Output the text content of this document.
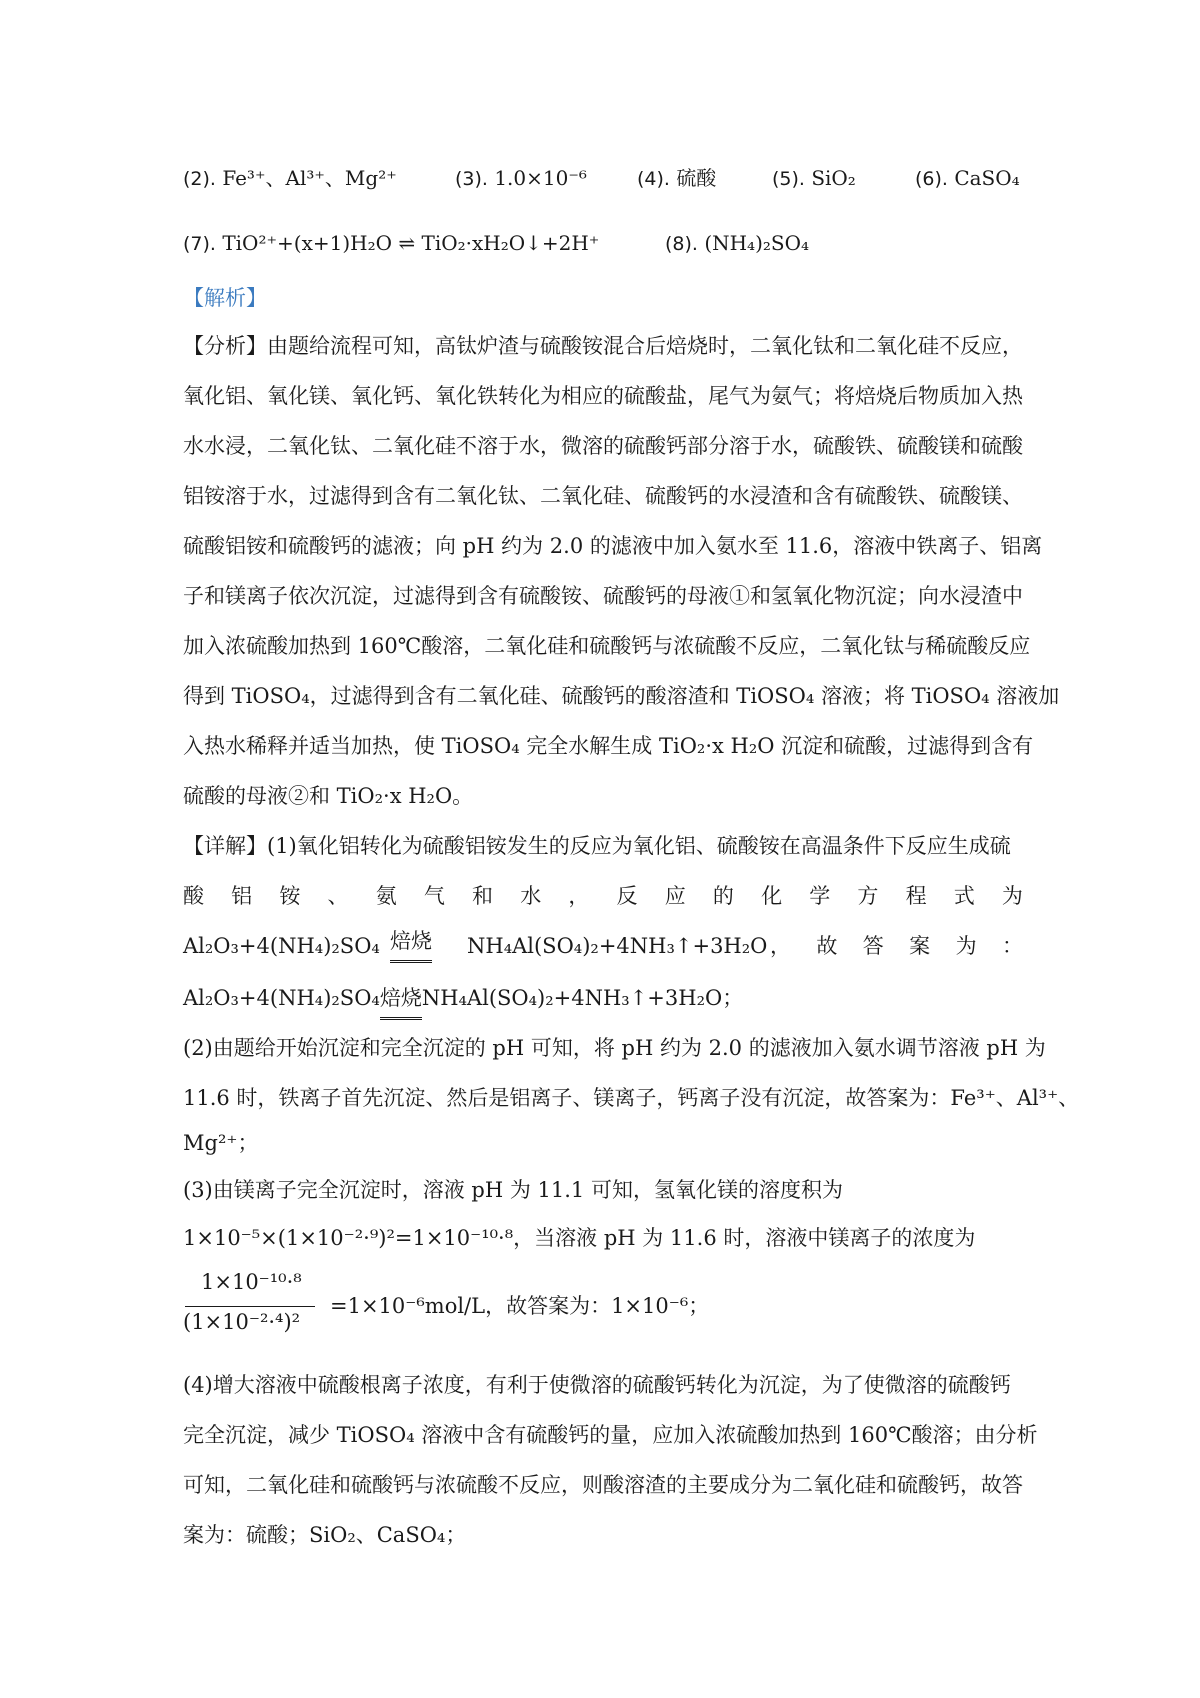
(2). Fe³⁺、Al³⁺、Mg²⁺	(3). 1.0×10⁻⁶	(4). 硫酸	(5). SiO₂	(6). CaSO₄
(7). TiO²⁺+(x+1)H₂O ⇌ TiO₂·xH₂O↓+2H⁺	(8). (NH₄)₂SO₄
【解析】
【分析】由题给流程可知，高钛炉渣与硫酸铵混合后焙烧时，二氧化钛和二氧化硅不反应，
氧化铝、氧化镁、氧化钙、氧化铁转化为相应的硫酸盐，尾气为氨气；将焙烧后物质加入热
水水浸，二氧化钛、二氧化硅不溶于水，微溶的硫酸钙部分溶于水，硫酸铁、硫酸镁和硫酸
铝铵溶于水，过滤得到含有二氧化钛、二氧化硅、硫酸钙的水浸渣和含有硫酸铁、硫酸镁、
硫酸铝铵和硫酸钙的滤液；向 pH 约为 2.0 的滤液中加入氨水至 11.6，溶液中铁离子、铝离
子和镁离子依次沉淀，过滤得到含有硫酸铵、硫酸钙的母液①和氢氧化物沉淀；向水浸渣中
加入浓硫酸加热到 160℃酸溶，二氧化硅和硫酸钙与浓硫酸不反应，二氧化钛与稀硫酸反应
得到 TiOSO₄，过滤得到含有二氧化硅、硫酸钙的酸溶渣和 TiOSO₄ 溶液；将 TiOSO₄ 溶液加
入热水稀释并适当加热，使 TiOSO₄ 完全水解生成 TiO₂·x H₂O 沉淀和硫酸，过滤得到含有
硫酸的母液②和 TiO₂·x H₂O。
【详解】(1)氧化铝转化为硫酸铝铵发生的反应为氧化铝、硫酸铵在高温条件下反应生成硫
酸 铝 铵 、 氨 气 和 水 ， 反 应 的 化 学 方 程 式 为
Al₂O₃+4(NH₄)₂SO₄ 焙烧 NH₄Al(SO₄)₂+4NH₃↑+3H₂O ， 故 答 案 为 ：
Al₂O₃+4(NH₄)₂SO₄焙烧NH₄Al(SO₄)₂+4NH₃↑+3H₂O；
(2)由题给开始沉淀和完全沉淀的 pH 可知，将 pH 约为 2.0 的滤液加入氨水调节溶液 pH 为
11.6 时，铁离子首先沉淀、然后是铝离子、镁离子，钙离子没有沉淀，故答案为：Fe³⁺、Al³⁺、
Mg²⁺；
(3)由镁离子完全沉淀时，溶液 pH 为 11.1 可知，氢氧化镁的溶度积为
1×10⁻⁵×(1×10⁻²·⁹)²=1×10⁻¹⁰·⁸，当溶液 pH 为 11.6 时，溶液中镁离子的浓度为
1×10⁻¹⁰·⁸
(1×10⁻²·⁴)²
=1×10⁻⁶mol/L，故答案为：1×10⁻⁶；
(4)增大溶液中硫酸根离子浓度，有利于使微溶的硫酸钙转化为沉淀，为了使微溶的硫酸钙
完全沉淀，减少 TiOSO₄ 溶液中含有硫酸钙的量，应加入浓硫酸加热到 160℃酸溶；由分析
可知，二氧化硅和硫酸钙与浓硫酸不反应，则酸溶渣的主要成分为二氧化硅和硫酸钙，故答
案为：硫酸；SiO₂、CaSO₄；
